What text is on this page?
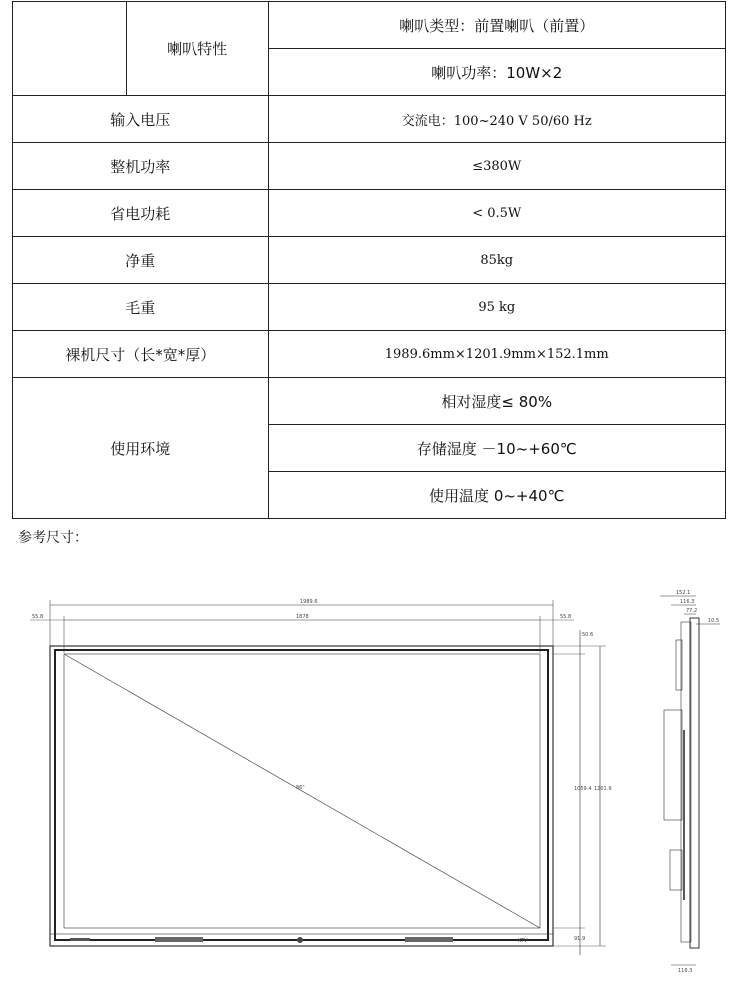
	喇叭特性	喇叭类型：前置喇叭（前置）
		喇叭功率：10W×2
输入电压		交流电：100~240 V 50/60 Hz
整机功率		≤380W
省电功耗		< 0.5W
净重		85kg
毛重		95 kg
裸机尺寸（长*宽*厚）		1989.6mm×1201.9mm×152.1mm
使用环境		相对湿度≤ 80%
		存储湿度 －10~+60℃
		使用温度 0~+40℃
参考尺寸：
1989.6
1878
55.8	55.8
50.6
1059.4 1201.9
91.9
86"
KTV
152.1
116.3
77.2
10.5
116.3
